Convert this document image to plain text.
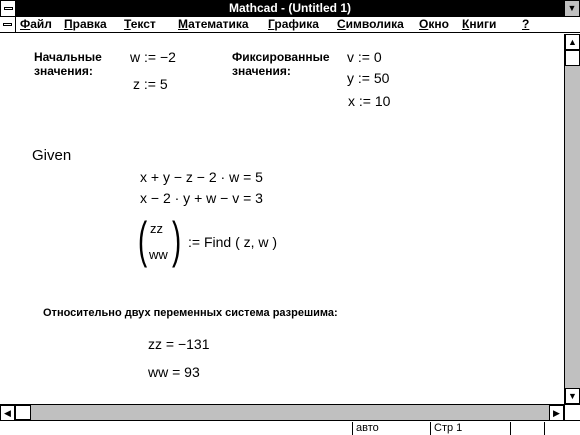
Mathcad - (Untitled 1)	▼
Файл Правка Текст Математика Графика Символика Окно Книги ?
Начальные
значения:
w := −2
z := 5
Фиксированные
значения:
v := 0
y := 50
x := 10
Given
x + y − z − 2 · w = 5
x − 2 · y + w − v = 3
( zz
ww ) := Find ( z, w )
Относительно двух переменных система разрешима:
zz = −131
ww = 93
▲
▼
◀	▶
авто	Стр 1
